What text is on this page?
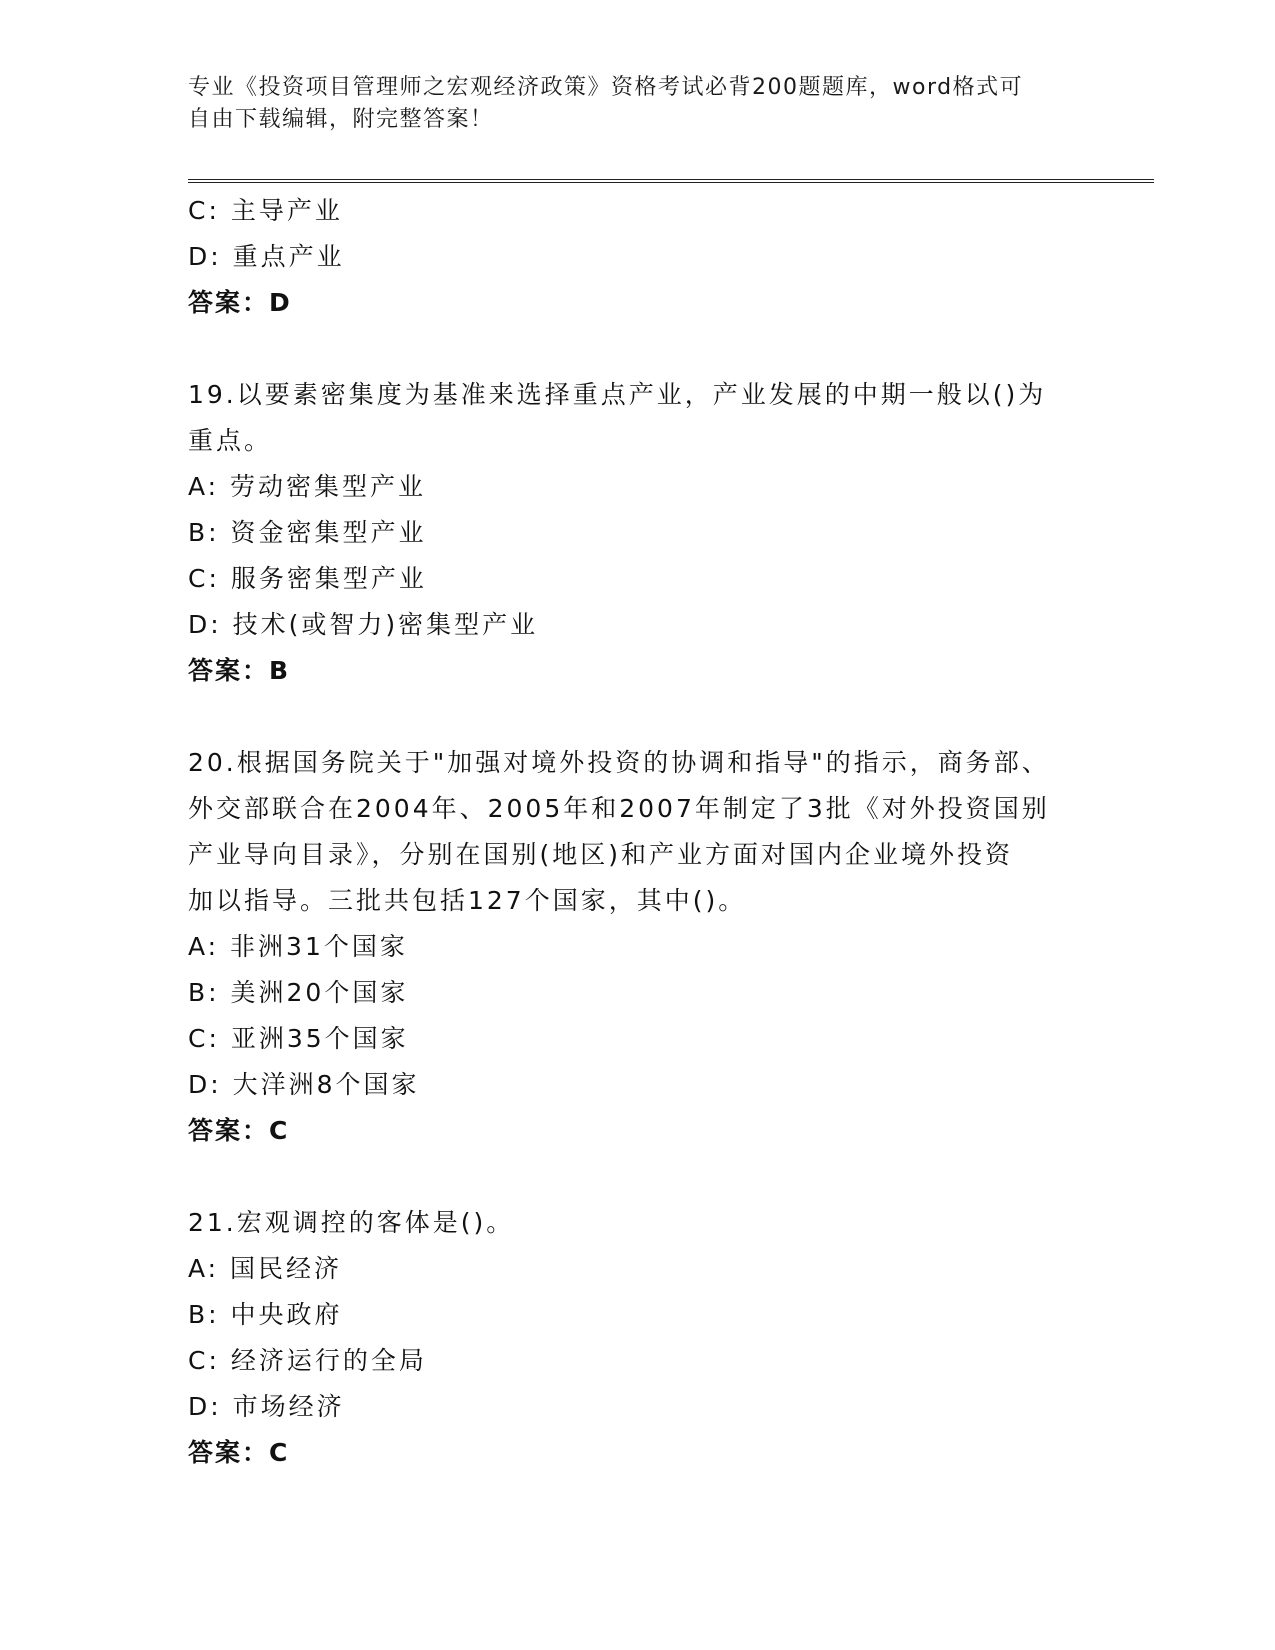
专业《投资项目管理师之宏观经济政策》资格考试必背200题题库，word格式可
自由下载编辑，附完整答案！
C: 主导产业
D: 重点产业
答案：D
19.以要素密集度为基准来选择重点产业，产业发展的中期一般以()为
重点。
A: 劳动密集型产业
B: 资金密集型产业
C: 服务密集型产业
D: 技术(或智力)密集型产业
答案：B
20.根据国务院关于"加强对境外投资的协调和指导"的指示，商务部、
外交部联合在2004年、2005年和2007年制定了3批《对外投资国别
产业导向目录》，分别在国别(地区)和产业方面对国内企业境外投资
加以指导。三批共包括127个国家，其中()。
A: 非洲31个国家
B: 美洲20个国家
C: 亚洲35个国家
D: 大洋洲8个国家
答案：C
21.宏观调控的客体是()。
A: 国民经济
B: 中央政府
C: 经济运行的全局
D: 市场经济
答案：C
